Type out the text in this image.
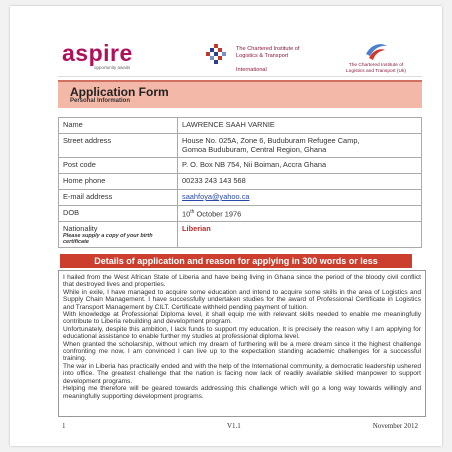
aspire
opportunity awaits
The Chartered Institute of
Logistics & Transport
International
The Chartered Institute of
Logistics and Transport (Uk)
Application Form
Personal Information
Name	LAWRENCE SAAH VARNIE
Street address	House No. 025A, Zone 6, Buduburam Refugee Camp,
Gomoa Buduburam, Central Region, Ghana

Post code	P. O. Box NB 754, Nii Boiman, Accra Ghana
Home phone	00233 243 143 568
E-mail address	saahfoya@yahoo.ca
DOB	10th October 1976

Nationality
Please supply a copy of your birth certificate	Liberian
Details of application and reason for applying in 300 words or less

I hailed from the West African State of Liberia and have being living in Ghana since the period of the bloody civil conflict that destroyed lives and properties.

While in exile, I have managed to acquire some education and intend to acquire some skills in the area of Logistics and Supply Chain Management. I have successfully undertaken studies for the award of Professional Certificate in Logistics and Transport Management by CILT. Certificate withheld pending payment of tuition.

With knowledge at Professional Diploma level, it shall equip me with relevant skills needed to enable me meaningfully contribute to Liberia rebuilding and development program.

Unfortunately, despite this ambition, I lack funds to support my education. It is precisely the reason why I am applying for educational assistance to enable further my studies at professional diploma level.

When granted the scholarship, without which my dream of furthering will be a mere dream since it the highest challenge confronting me now, I am convinced I can live up to the expectation standing academic challenges for a successful training.

The war in Liberia has practically ended and with the help of the International community, a democratic leadership ushered into office. The greatest challenge that the nation is facing now lack of readily available skilled manpower to support development programs.

Helping me therefore will be geared towards addressing this challenge which will go a long way towards willingly and meaningfully supporting development programs.

1	V1.1	November 2012
